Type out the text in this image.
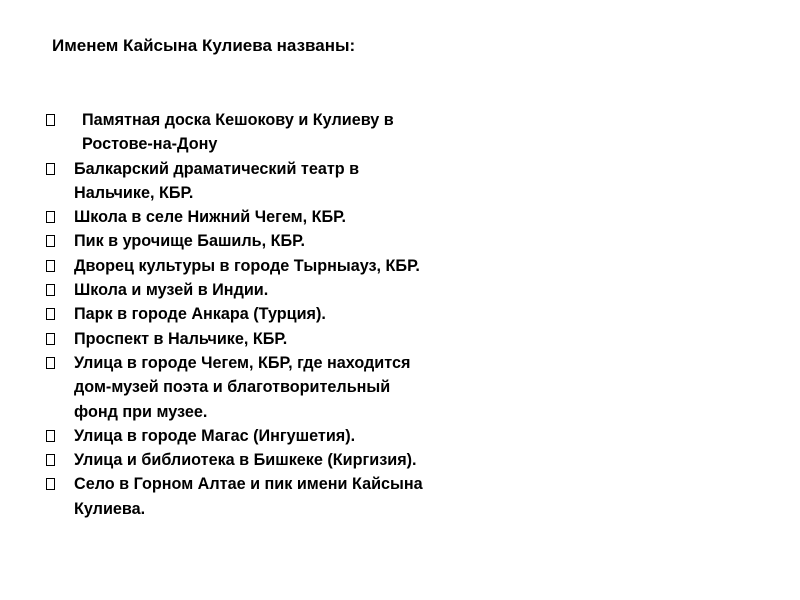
Именем Кайсына Кулиева названы:
Памятная доска Кешокову и Кулиеву в Ростове-на-Дону
Балкарский драматический театр в Нальчике, КБР.
Школа в селе Нижний Чегем, КБР.
Пик в урочище Башиль, КБР.
Дворец культуры в городе Тырныауз, КБР.
Школа и музей в Индии.
Парк в городе Анкара (Турция).
Проспект в Нальчике, КБР.
Улица в городе Чегем, КБР, где находится дом-музей поэта и благотворительный фонд при музее.
Улица в городе Магас (Ингушетия).
Улица и библиотека в Бишкеке (Киргизия).
Село в Горном Алтае и пик имени Кайсына Кулиева.
